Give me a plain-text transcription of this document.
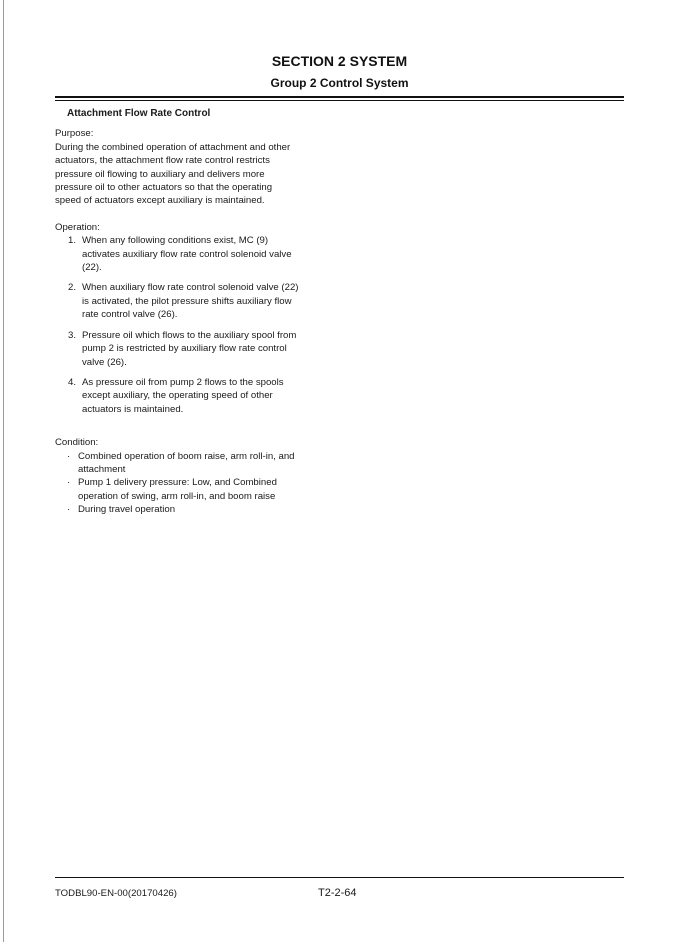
SECTION 2 SYSTEM
Group 2 Control System
Attachment Flow Rate Control
Purpose:
During the combined operation of attachment and other
actuators, the attachment flow rate control restricts
pressure oil flowing to auxiliary and delivers more
pressure oil to other actuators so that the operating
speed of actuators except auxiliary is maintained.
Operation:
1. When any following conditions exist, MC (9)
activates auxiliary flow rate control solenoid valve
(22).
2. When auxiliary flow rate control solenoid valve (22)
is activated, the pilot pressure shifts auxiliary flow
rate control valve (26).
3. Pressure oil which flows to the auxiliary spool from
pump 2 is restricted by auxiliary flow rate control
valve (26).
4. As pressure oil from pump 2 flows to the spools
except auxiliary, the operating speed of other
actuators is maintained.
Condition:
· Combined operation of boom raise, arm roll-in, and
attachment
· Pump 1 delivery pressure: Low, and Combined
operation of swing, arm roll-in, and boom raise
· During travel operation
TODBL90-EN-00(20170426)	T2-2-64
